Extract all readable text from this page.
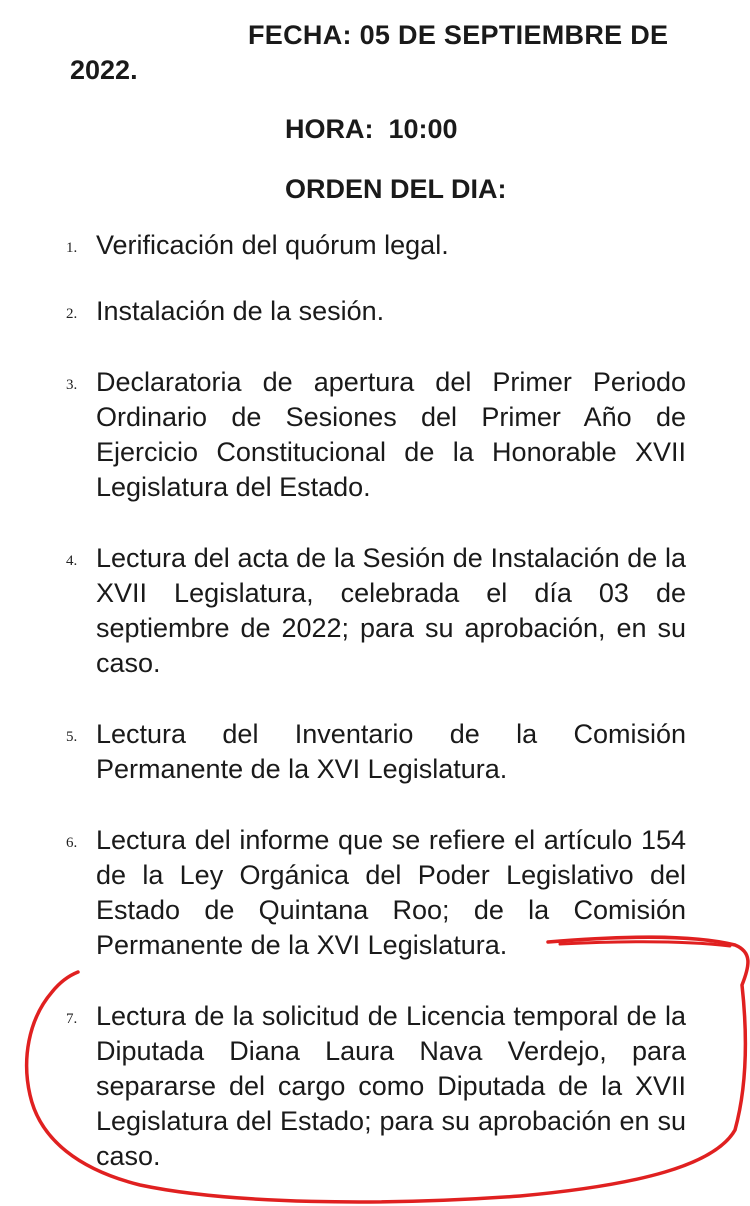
FECHA: 05 DE SEPTIEMBRE DE
2022.
HORA:  10:00
ORDEN DEL DIA:
1. Verificación del quórum legal.
2. Instalación de la sesión.
3. Declaratoria de apertura del Primer Periodo Ordinario de Sesiones del Primer Año de Ejercicio Constitucional de la Honorable XVII Legislatura del Estado.
4. Lectura del acta de la Sesión de Instalación de la XVII Legislatura, celebrada el día 03 de septiembre de 2022; para su aprobación, en su caso.
5. Lectura del Inventario de la Comisión Permanente de la XVI Legislatura.
6. Lectura del informe que se refiere el artículo 154 de la Ley Orgánica del Poder Legislativo del Estado de Quintana Roo; de la Comisión Permanente de la XVI Legislatura.
7. Lectura de la solicitud de Licencia temporal de la Diputada Diana Laura Nava Verdejo, para separarse del cargo como Diputada de la XVII Legislatura del Estado; para su aprobación en su caso.
